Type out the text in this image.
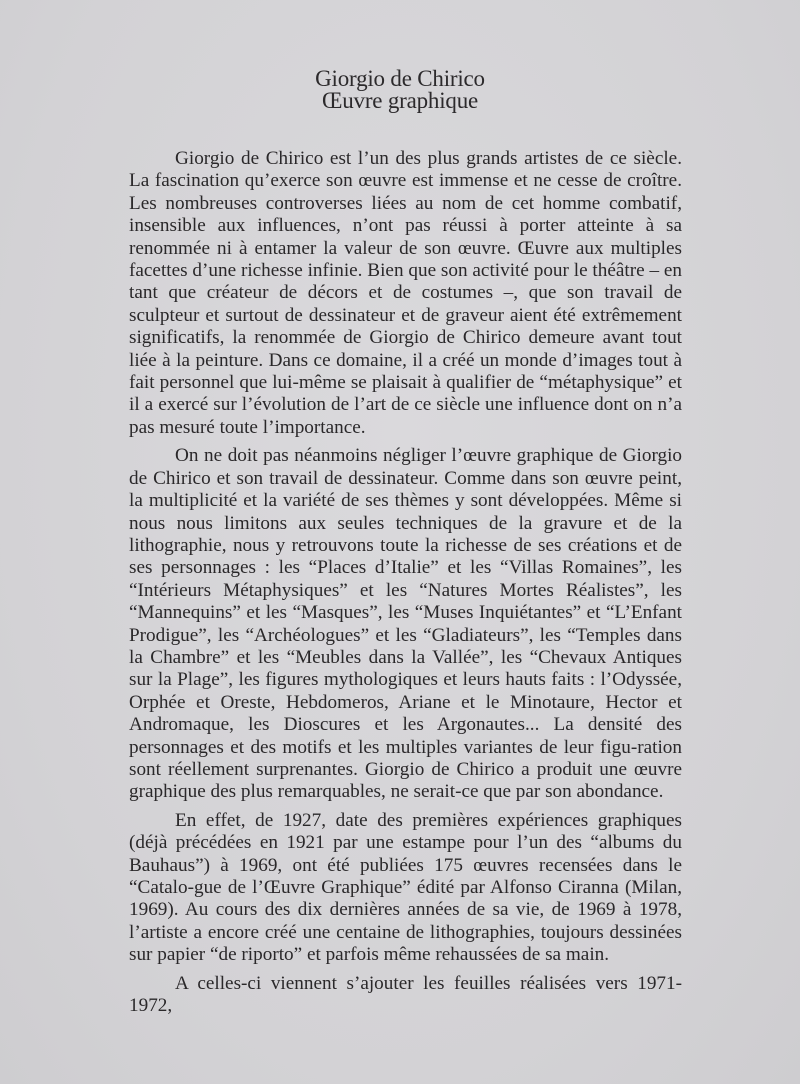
Giorgio de Chirico
Œuvre graphique

Giorgio de Chirico est l’un des plus grands artistes de ce siècle. La fascination qu’exerce son œuvre est immense et ne cesse de croître. Les nombreuses controverses liées au nom de cet homme combatif, insensible aux influences, n’ont pas réussi à porter atteinte à sa renommée ni à entamer la valeur de son œuvre. Œuvre aux multiples facettes d’une richesse infinie. Bien que son activité pour le théâtre – en tant que créateur de décors et de costumes –, que son travail de sculpteur et surtout de dessinateur et de graveur aient été extrêmement significatifs, la renommée de Giorgio de Chirico demeure avant tout liée à la peinture. Dans ce domaine, il a créé un monde d’images tout à fait personnel que lui-même se plaisait à qualifier de “métaphysique” et il a exercé sur l’évolution de l’art de ce siècle une influence dont on n’a pas mesuré toute l’importance.

On ne doit pas néanmoins négliger l’œuvre graphique de Giorgio de Chirico et son travail de dessinateur. Comme dans son œuvre peint, la multiplicité et la variété de ses thèmes y sont développées. Même si nous nous limitons aux seules techniques de la gravure et de la lithographie, nous y retrouvons toute la richesse de ses créations et de ses personnages : les “Places d’Italie” et les “Villas Romaines”, les “Intérieurs Métaphysiques” et les “Natures Mortes Réalistes”, les “Mannequins” et les “Masques”, les “Muses Inquiétantes” et “L’Enfant Prodigue”, les “Archéologues” et les “Gladiateurs”, les “Temples dans la Chambre” et les “Meubles dans la Vallée”, les “Chevaux Antiques sur la Plage”, les figures mythologiques et leurs hauts faits : l’Odyssée, Orphée et Oreste, Hebdomeros, Ariane et le Minotaure, Hector et Andromaque, les Dioscures et les Argonautes... La densité des personnages et des motifs et les multiples variantes de leur figu-ration sont réellement surprenantes. Giorgio de Chirico a produit une œuvre graphique des plus remarquables, ne serait-ce que par son abondance.

En effet, de 1927, date des premières expériences graphiques (déjà précédées en 1921 par une estampe pour l’un des “albums du Bauhaus”) à 1969, ont été publiées 175 œuvres recensées dans le “Catalo-gue de l’Œuvre Graphique” édité par Alfonso Ciranna (Milan, 1969). Au cours des dix dernières années de sa vie, de 1969 à 1978, l’artiste a encore créé une centaine de lithographies, toujours dessinées sur papier “de riporto” et parfois même rehaussées de sa main.

A celles-ci viennent s’ajouter les feuilles réalisées vers 1971-1972,
